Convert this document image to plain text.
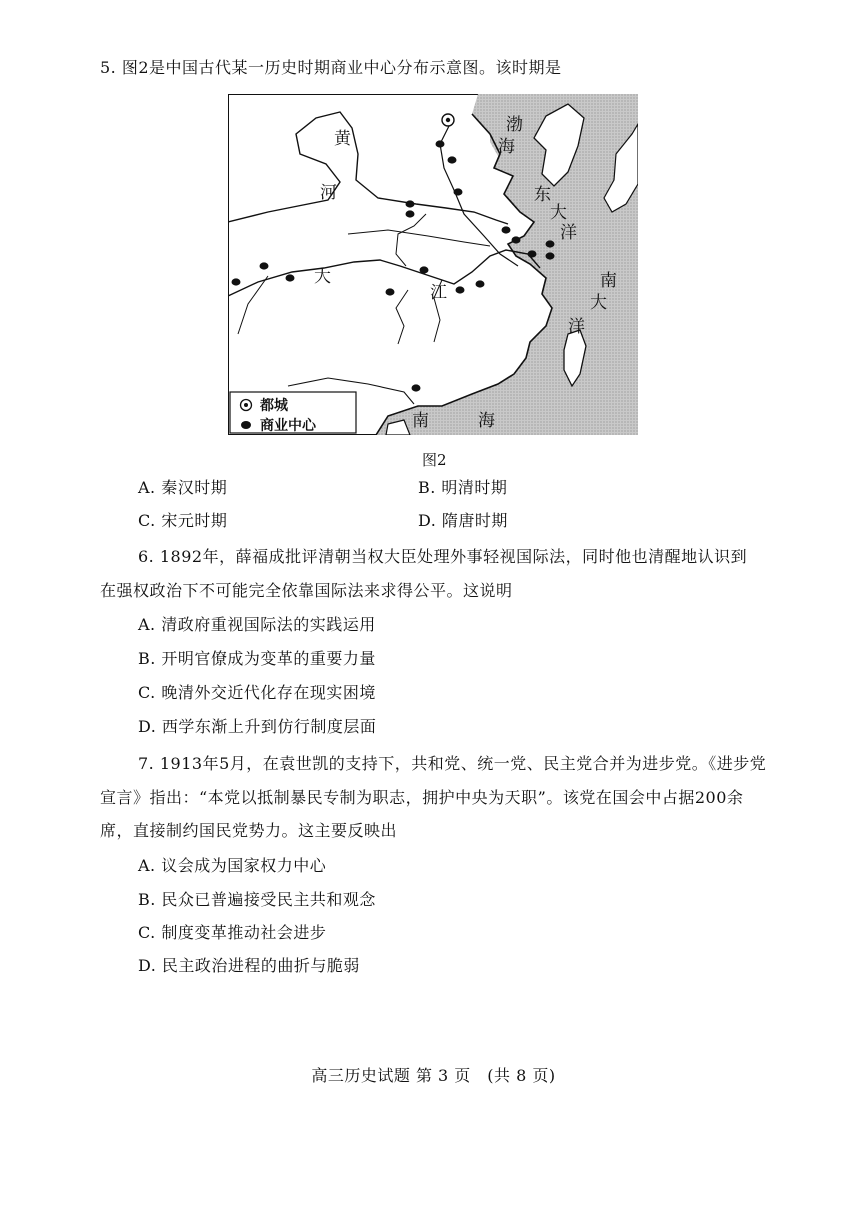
5. 图2是中国古代某一历史时期商业中心分布示意图。该时期是
黄
河
大
江
渤
海
东
大
洋
南
大
洋
南	海
都城
商业中心
图2
A. 秦汉时期	B. 明清时期
C. 宋元时期	D. 隋唐时期
6. 1892年，薛福成批评清朝当权大臣处理外事轻视国际法，同时他也清醒地认识到
在强权政治下不可能完全依靠国际法来求得公平。这说明
A. 清政府重视国际法的实践运用
B. 开明官僚成为变革的重要力量
C. 晚清外交近代化存在现实困境
D. 西学东渐上升到仿行制度层面
7. 1913年5月，在袁世凯的支持下，共和党、统一党、民主党合并为进步党。《进步党
宣言》指出：“本党以抵制暴民专制为职志，拥护中央为天职”。该党在国会中占据200余
席，直接制约国民党势力。这主要反映出
A. 议会成为国家权力中心
B. 民众已普遍接受民主共和观念
C. 制度变革推动社会进步
D. 民主政治进程的曲折与脆弱
高三历史试题 第 3 页　(共 8 页)
